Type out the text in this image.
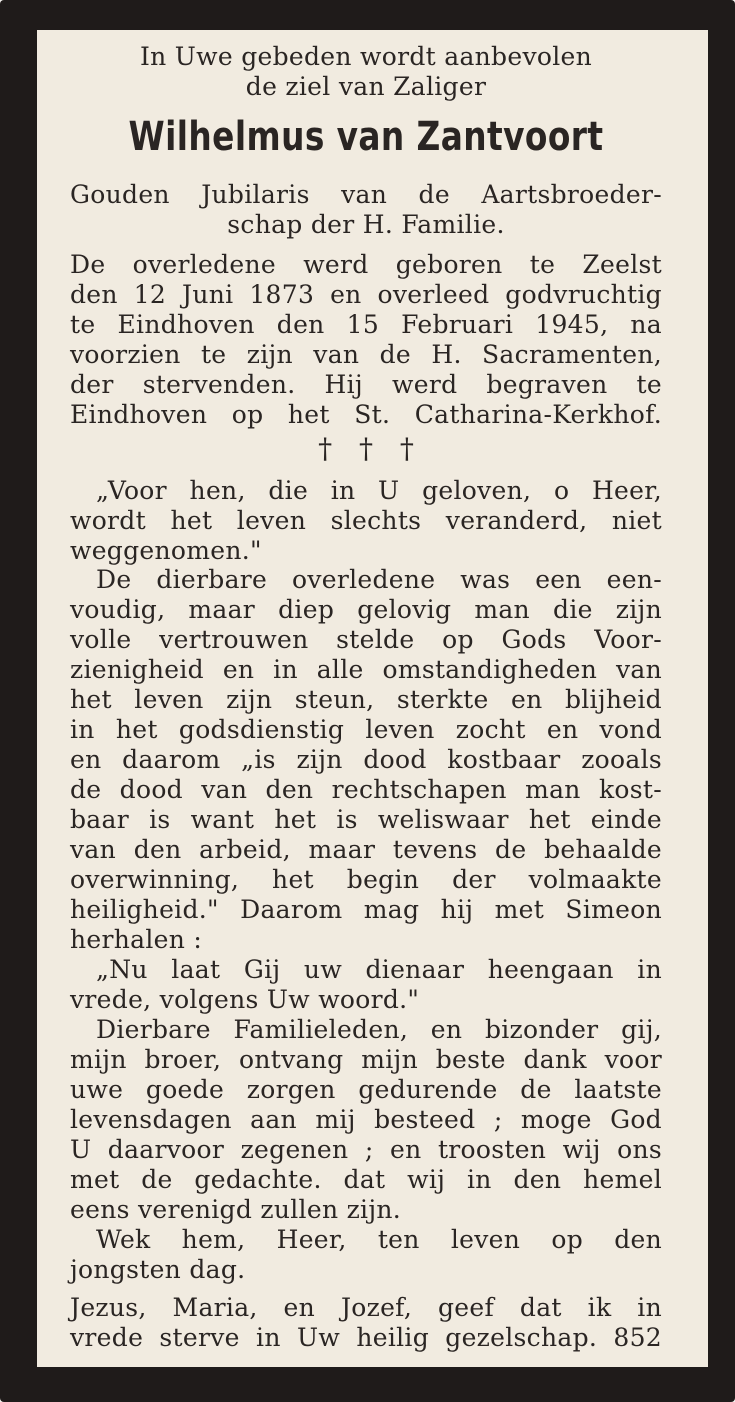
In Uwe gebeden wordt aanbevolen

de ziel van Zaliger

Wilhelmus van Zantvoort

Gouden Jubilaris van de Aartsbroeder-

schap der H. Familie.

De overledene werd geboren te Zeelst

den 12 Juni 1873 en overleed godvruchtig

te Eindhoven den 15 Februari 1945, na

voorzien te zijn van de H. Sacramenten,

der stervenden. Hij werd begraven te

Eindhoven op het St. Catharina-Kerkhof.

† † †

„Voor hen, die in U geloven, o Heer,

wordt het leven slechts veranderd, niet

weggenomen."

De dierbare overledene was een een-

voudig, maar diep gelovig man die zijn

volle vertrouwen stelde op Gods Voor-

zienigheid en in alle omstandigheden van

het leven zijn steun, sterkte en blijheid

in het godsdienstig leven zocht en vond

en daarom „is zijn dood kostbaar zooals

de dood van den rechtschapen man kost-

baar is want het is weliswaar het einde

van den arbeid, maar tevens de behaalde

overwinning, het begin der volmaakte

heiligheid." Daarom mag hij met Simeon

herhalen :

„Nu laat Gij uw dienaar heengaan in

vrede, volgens Uw woord."

Dierbare Familieleden, en bizonder gij,

mijn broer, ontvang mijn beste dank voor

uwe goede zorgen gedurende de laatste

levensdagen aan mij besteed ; moge God

U daarvoor zegenen ; en troosten wij ons

met de gedachte. dat wij in den hemel

eens verenigd zullen zijn.

Wek hem, Heer, ten leven op den

jongsten dag.

Jezus, Maria, en Jozef, geef dat ik in

vrede sterve in Uw heilig gezelschap. 852
